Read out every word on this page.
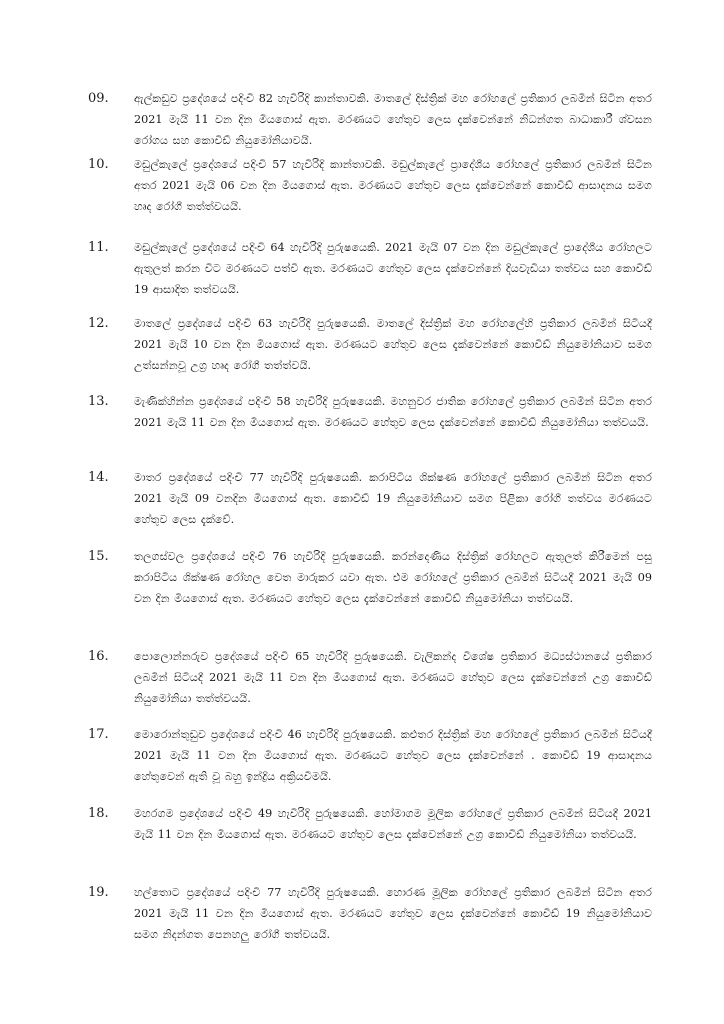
09. ඇල්කඩුව ප්‍රදේශයේ පදිංචි 82 හැවිරිදි කාන්තාවකි. මාතලේ දිස්ත්‍රික් මහ රෝහලේ ප්‍රතිකාර ලබමින් සිටින අතර 2021 මැයි 11 වන දින මියගොස් ඇත. මරණයට හේතුව ලෙස දැක්වෙන්නේ නිධන්ගත බාධාකාරී ශ්වසන රෝගය සහ කොවිඩ් නියුමෝනියාවයි.
10. මඩුල්කැලේ ප්‍රදේශයේ පදිංචි 57 හැවිරිදි කාන්තාවකි. මඩුල්කැලේ ප්‍රාදේශීය රෝහලේ ප්‍රතිකාර ලබමින් සිටින අතර 2021 මැයි 06 වන දින මියගොස් ඇත. මරණයට හේතුව ලෙස දැක්වෙන්නේ කොවිඩ් ආසාදනය සමග හෘද රෝගී තත්ත්වයයි.
11. මඩුල්කැලේ ප්‍රදේශයේ පදිංචි 64 හැවිරිදි පුරුෂයෙකි. 2021 මැයි 07 වන දින මඩුල්කැලේ ප්‍රාදේශීය රෝහලට ඇතුලත් කරන විට මරණයට පත්වී ඇත. මරණයට හේතුව ලෙස දැක්වෙන්නේ දියවැඩියා තත්වය සහ කොවිඩ් 19 ආසාදිත තත්වයයි.
12. මාතලේ ප්‍රදේශයේ පදිංචි 63 හැවිරිදි පුරුෂයෙකි. මාතලේ දිස්ත්‍රික් මහ රෝහලේහි ප්‍රතිකාර ලබමින් සිටියදී 2021 මැයි 10 වන දින මියගොස් ඇත. මරණයට හේතුව ලෙස දැක්වෙන්නේ කොවිඩ් නියුමෝනියාව සමග උත්සන්නවූ උග්‍ර හෘද රෝගී තත්ත්වයි.
13. මැණික්හින්න ප්‍රදේශයේ පදිංචි 58 හැවිරිදි පුරුෂයෙකි. මහනුවර ජාතික රෝහලේ ප්‍රතිකාර ලබමින් සිටින අතර 2021 මැයි 11 වන දින මියගොස් ඇත. මරණයට හේතුව ලෙස දැක්වෙන්නේ කොවිඩ් නියුමෝනියා තත්වයයි.
14. මාතර ප්‍රදේශයේ පදිංචි 77 හැවිරිදි පුරුෂයෙකි. කරාපිටිය ශික්ෂණ රෝහලේ ප්‍රතිකාර ලබමින් සිටින අතර 2021 මැයි 09 වනදින මියගොස් ඇත. කොවිඩ් 19 නියුමෝනියාව සමග පිළිකා රෝගී තත්වය මරණයට හේතුව ලෙස දැක්වේ.
15. තලගස්වල ප්‍රදේශයේ පදිංචි 76 හැවිරිදි පුරුෂයෙකි. කරන්දෙණිය දිස්ත්‍රික් රෝහලට ඇතුලත් කිරීමෙන් පසු කරාපිටිය ශික්ෂණ රෝහල වෙත මාරුකර යවා ඇත. එම රෝහලේ ප්‍රතිකාර ලබමින් සිටියදී 2021 මැයි 09 වන දින මියගොස් ඇත. මරණයට හේතුව ලෙස දැක්වෙන්නේ කොවිඩ් නියුමෝනියා තත්වයයි.
16. පොලොන්නරුව ප්‍රදේශයේ පදිංචි 65 හැවිරිදි පුරුෂයෙකි. වැලිකන්ද විශේෂ ප්‍රතිකාර මධ්‍යස්ථානයේ ප්‍රතිකාර ලබමින් සිටියදී 2021 මැයි 11 වන දින මියගොස් ඇත. මරණයට හේතුව ලෙස දැක්වෙන්නේ උග්‍ර කොවිඩ් නියුමෝනියා තත්ත්වයයි.
17. මොරොන්තුඩුව ප්‍රදේශයේ පදිංචි 46 හැවිරිදි පුරුෂයෙකි. කළුතර දිස්ත්‍රික් මහ රෝහලේ ප්‍රතිකාර ලබමින් සිටියදී 2021 මැයි 11 වන දින මියගොස් ඇත. මරණයට හේතුව ලෙස දැක්වෙන්නේ . කොවිඩ් 19 ආසාදනය හේතුවෙන් ඇති වූ බහු ඉන්ද්‍රිය අක්‍රියවීමයි.
18. මහරගම ප්‍රදේශයේ පදිංචි 49 හැවිරිදි පුරුෂයෙකි. හෝමාගම මූලික රෝහලේ ප්‍රතිකාර ලබමින් සිටියදී 2021 මැයි 11 වන දින මියගොස් ඇත. මරණයට හේතුව ලෙස දැක්වෙන්නේ උග්‍ර කොවිඩ් නියුමෝනියා තත්වයයි.
19. හල්තොට ප්‍රදේශයේ පදිංචි 77 හැවිරිදි පුරුෂයෙකි. හොරණ මූලික රෝහලේ ප්‍රතිකාර ලබමින් සිටින අතර 2021 මැයි 11 වන දින මියගොස් ඇත. මරණයට හේතුව ලෙස දැක්වෙන්නේ කොවිඩ් 19 නියුමෝනියාව සමග නිදන්ගත පෙනහලු රෝගී තත්වයයි.
